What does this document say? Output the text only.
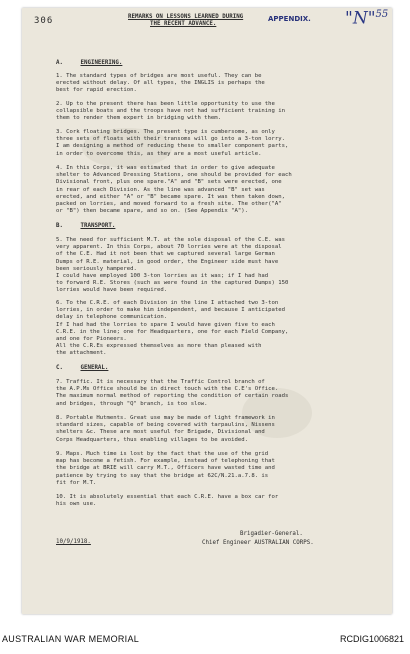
306	REMARKS ON LESSONS LEARNED DURING	APPENDIX.
THE RECENT ADVANCE.	"N"$^{55}$
A.	ENGINEERING.
1. The standard types of bridges are most useful. They can be
erected without delay. Of all types, the INGLIS is perhaps the
best for rapid erection.
2. Up to the present there has been little opportunity to use the
collapsible boats and the troops have not had sufficient training in
them to render them expert in bridging with them.
3. Cork floating bridges. The present type is cumbersome, as only
three sets of floats with their transoms will go into a 3-ton lorry.
I am designing a method of reducing these to smaller component parts,
in order to overcome this, as they are a most useful article.
4. In this Corps, it was estimated that in order to give adequate
shelter to Advanced Dressing Stations, one should be provided for each
Divisional front, plus one spare."A" and "B" sets were erected, one
in rear of each Division. As the line was advanced "B" set was
erected, and either "A" or "B" became spare. It was then taken down,
packed on lorries, and moved forward to a fresh site. The other("A"
or "B") then became spare, and so on. (See Appendix "A").
B.	TRANSPORT.
5. The need for sufficient M.T. at the sole disposal of the C.E. was
very apparent. In this Corps, about 70 lorries were at the disposal
of the C.E. Had it not been that we captured several large German
Dumps of R.E. material, in good order, the Engineer side must have
been seriously hampered.
I could have employed 100 3-ton lorries as it was; if I had had
to forward R.E. Stores (such as were found in the captured Dumps) 150
lorries would have been required.
6. To the C.R.E. of each Division in the line I attached two 3-ton
lorries, in order to make him independent, and because I anticipated
delay in telephone communication.
If I had had the lorries to spare I would have given five to each
C.R.E. in the line; one for Headquarters, one for each Field Company,
and one for Pioneers.
All the C.R.Es expressed themselves as more than pleased with
the attachment.
C.	GENERAL.
7. Traffic. It is necessary that the Traffic Control branch of
the A.P.Ms Office should be in direct touch with the C.E's Office.
The maximum normal method of reporting the condition of certain roads
and bridges, through "Q" branch, is too slow.
8. Portable Hutments. Great use may be made of light framework in
standard sizes, capable of being covered with tarpaulins, Nissens
shelters &c. These are most useful for Brigade, Divisional and
Corps Headquarters, thus enabling villages to be avoided.
9. Maps. Much time is lost by the fact that the use of the grid
map has become a fetish. For example, instead of telephoning that
the bridge at BRIE will carry M.T., Officers have wasted time and
patience by trying to say that the bridge at 62C/N.21.a.7.8. is
fit for M.T.
10. It is absolutely essential that each C.R.E. have a box car for
his own use.
Brigadier-General.
10/9/1918.	Chief Engineer AUSTRALIAN CORPS.
AUSTRALIAN WAR MEMORIAL	RCDIG1006821
